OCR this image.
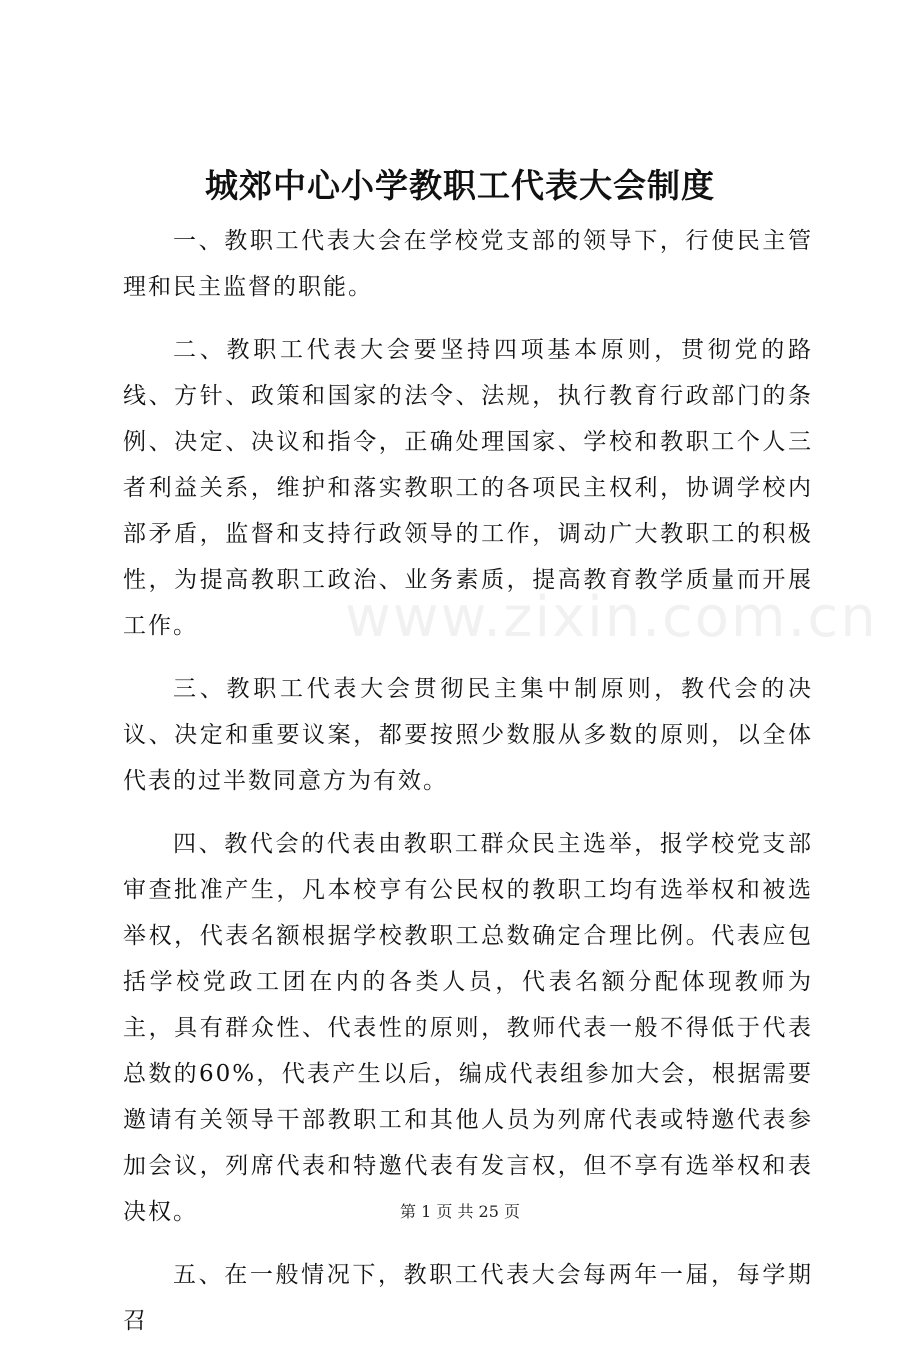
城郊中心小学教职工代表大会制度

一、教职工代表大会在学校党支部的领导下，行使民主管理和民主监督的职能。

二、教职工代表大会要坚持四项基本原则，贯彻党的路线、方针、政策和国家的法令、法规，执行教育行政部门的条例、决定、决议和指令，正确处理国家、学校和教职工个人三者利益关系，维护和落实教职工的各项民主权利，协调学校内部矛盾，监督和支持行政领导的工作，调动广大教职工的积极性，为提高教职工政治、业务素质，提高教育教学质量而开展工作。

三、教职工代表大会贯彻民主集中制原则，教代会的决议、决定和重要议案，都要按照少数服从多数的原则，以全体代表的过半数同意方为有效。

四、教代会的代表由教职工群众民主选举，报学校党支部审查批准产生，凡本校亨有公民权的教职工均有选举权和被选举权，代表名额根据学校教职工总数确定合理比例。代表应包括学校党政工团在内的各类人员，代表名额分配体现教师为主，具有群众性、代表性的原则，教师代表一般不得低于代表总数的60%，代表产生以后，编成代表组参加大会，根据需要邀请有关领导干部教职工和其他人员为列席代表或特邀代表参加会议，列席代表和特邀代表有发言权，但不享有选举权和表决权。

五、在一般情况下，教职工代表大会每两年一届，每学期召

www.zixin.com.cn
第 1 页 共 25 页
